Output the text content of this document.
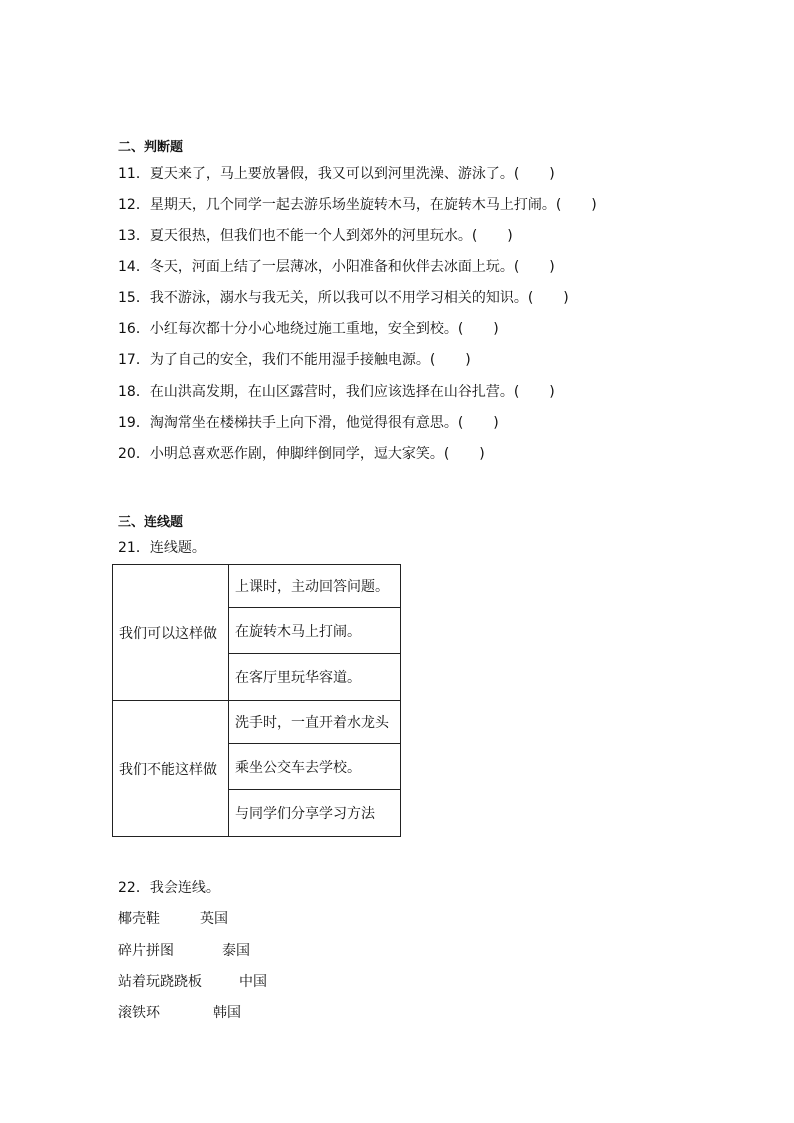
二、判断题
11．夏天来了，马上要放暑假，我又可以到河里洗澡、游泳了。( )
12．星期天，几个同学一起去游乐场坐旋转木马，在旋转木马上打闹。( )
13．夏天很热，但我们也不能一个人到郊外的河里玩水。( )
14．冬天，河面上结了一层薄冰，小阳准备和伙伴去冰面上玩。( )
15．我不游泳，溺水与我无关，所以我可以不用学习相关的知识。( )
16．小红每次都十分小心地绕过施工重地，安全到校。( )
17．为了自己的安全，我们不能用湿手接触电源。( )
18．在山洪高发期，在山区露营时，我们应该选择在山谷扎营。( )
19．淘淘常坐在楼梯扶手上向下滑，他觉得很有意思。( )
20．小明总喜欢恶作剧，伸脚绊倒同学，逗大家笑。( )
三、连线题
21．连线题。
我们可以这样做	上课时，主动回答问题。
	在旋转木马上打闹。
	在客厅里玩华容道。
我们不能这样做	洗手时，一直开着水龙头
	乘坐公交车去学校。
	与同学们分享学习方法
22．我会连线。
椰壳鞋	英国
碎片拼图	泰国
站着玩跷跷板	中国
滚铁环	韩国
